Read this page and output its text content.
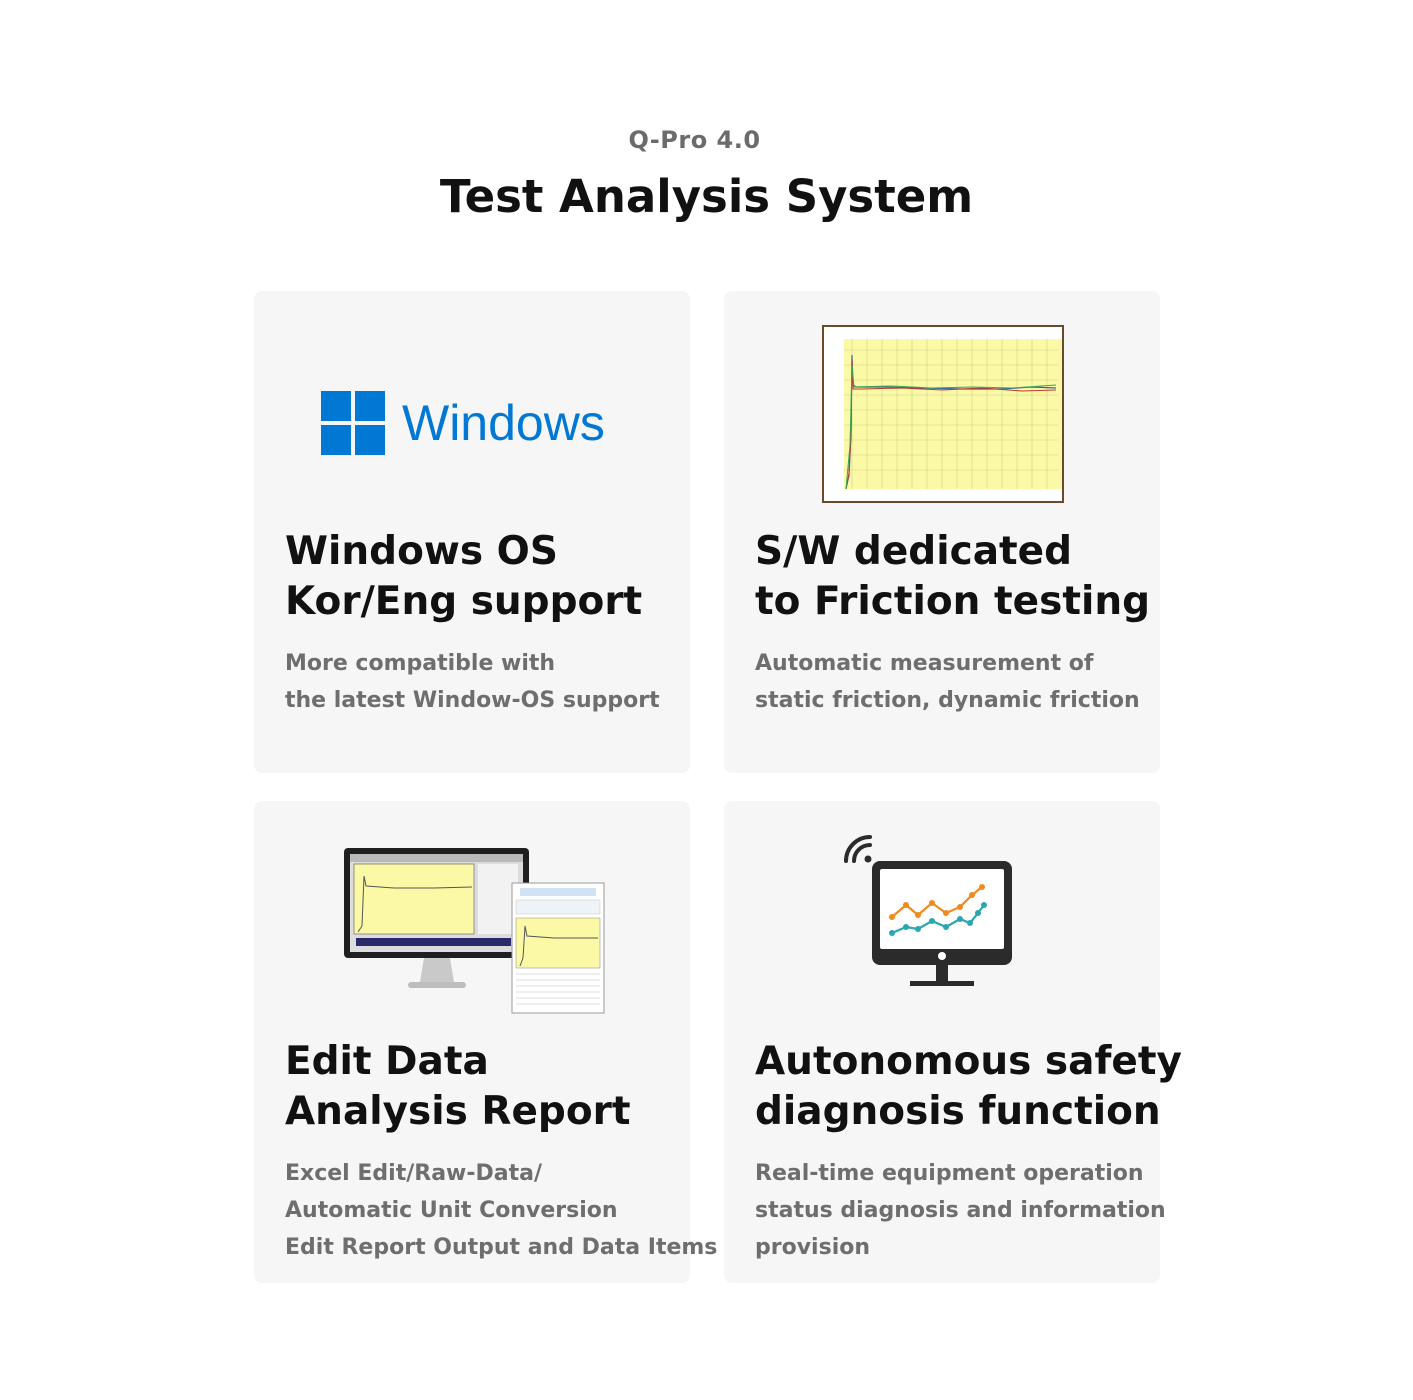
Q-Pro 4.0
Test Analysis System
Windows
Windows OS
Kor/Eng support
More compatible with
the latest Window-OS support
S/W dedicated
to Friction testing
Automatic measurement of
static friction, dynamic friction
Edit Data
Analysis Report
Excel Edit/Raw-Data/
Automatic Unit Conversion
Edit Report Output and Data Items
Autonomous safety
diagnosis function
Real-time equipment operation
status diagnosis and information
provision
